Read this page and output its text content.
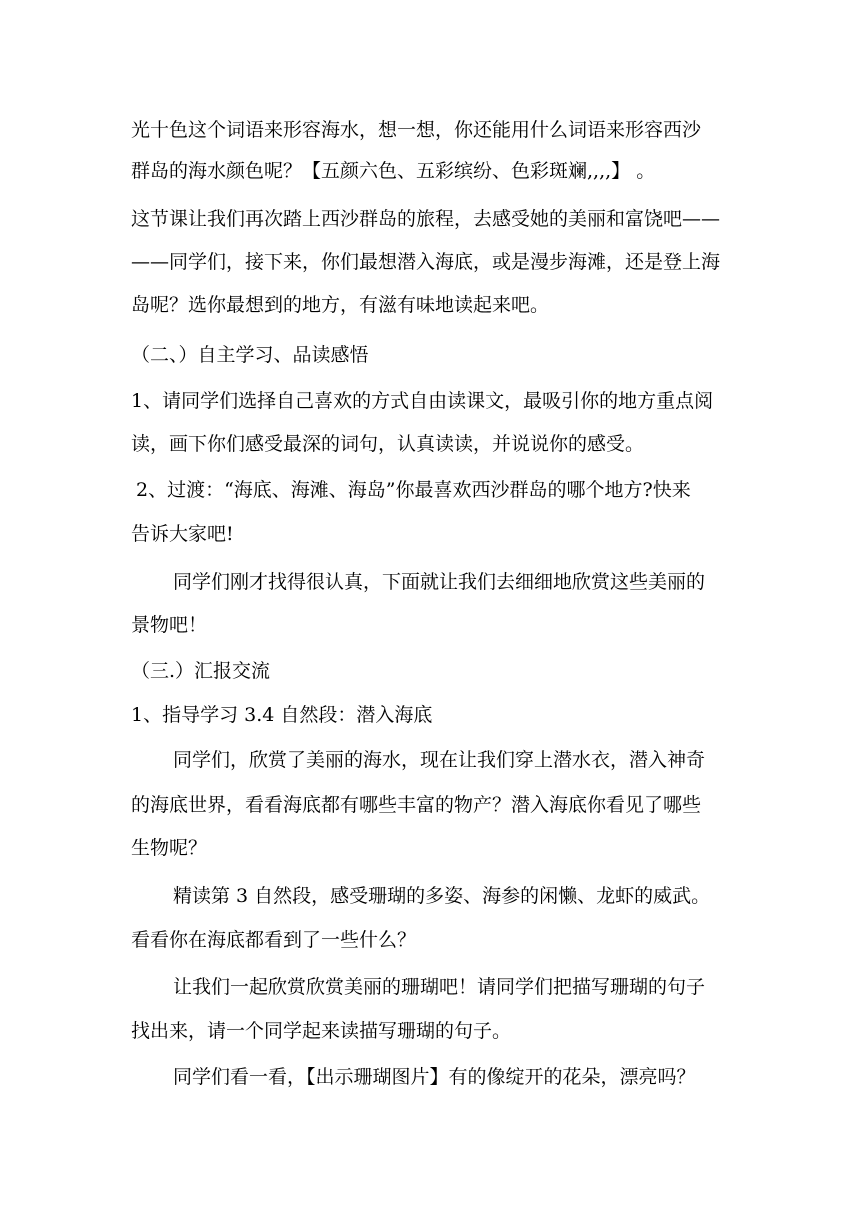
光十色这个词语来形容海水，想一想，你还能用什么词语来形容西沙
群岛的海水颜色呢？【五颜六色、五彩缤纷、色彩斑斓,,,,】 。
这节课让我们再次踏上西沙群岛的旅程，去感受她的美丽和富饶吧——
——同学们，接下来，你们最想潜入海底，或是漫步海滩，还是登上海
岛呢？选你最想到的地方，有滋有味地读起来吧。
（二、）自主学习、品读感悟
1、请同学们选择自己喜欢的方式自由读课文，最吸引你的地方重点阅
读，画下你们感受最深的词句，认真读读，并说说你的感受。
2、过渡：“海底、海滩、海岛”你最喜欢西沙群岛的哪个地方?快来
告诉大家吧!
同学们刚才找得很认真，下面就让我们去细细地欣赏这些美丽的
景物吧！
（三.）汇报交流
1、指导学习 3.4 自然段：潜入海底
同学们，欣赏了美丽的海水，现在让我们穿上潜水衣，潜入神奇
的海底世界，看看海底都有哪些丰富的物产？潜入海底你看见了哪些
生物呢？
精读第 3 自然段，感受珊瑚的多姿、海参的闲懒、龙虾的威武。
看看你在海底都看到了一些什么？
让我们一起欣赏欣赏美丽的珊瑚吧！请同学们把描写珊瑚的句子
找出来，请一个同学起来读描写珊瑚的句子。
同学们看一看，【出示珊瑚图片】有的像绽开的花朵，漂亮吗？
